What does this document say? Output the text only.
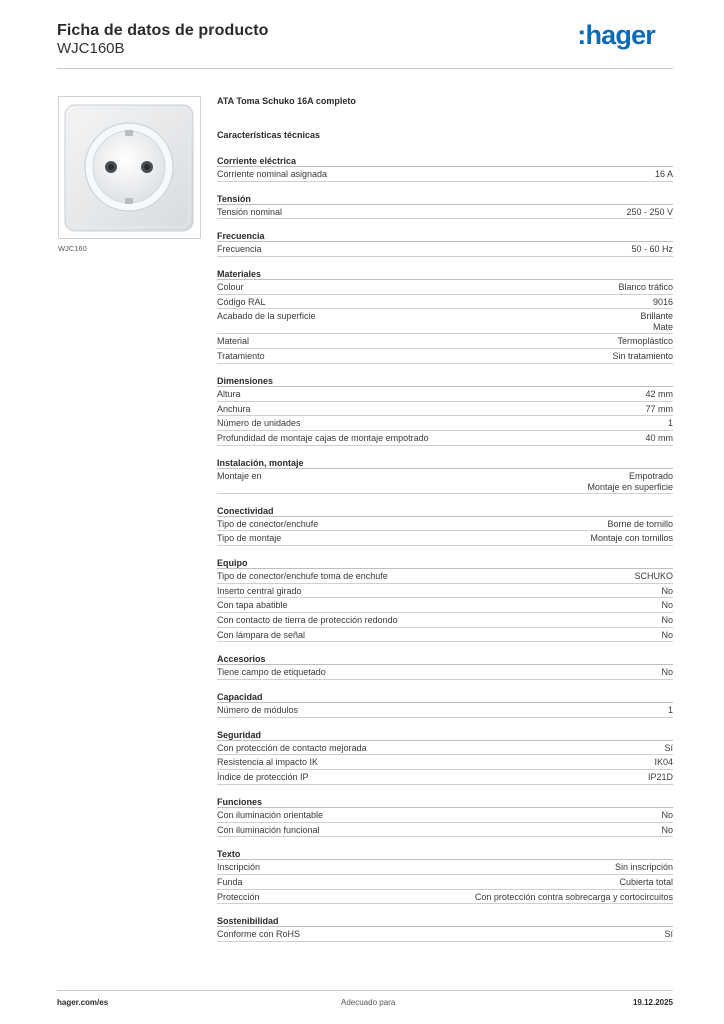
Ficha de datos de producto
WJC160B	:hager
WJC160
ATA Toma Schuko 16A completo
Características técnicas
Corriente eléctrica
Corriente nominal asignada	16 A
Tensión
Tensión nominal	250 - 250 V
Frecuencia
Frecuencia	50 - 60 Hz
Materiales
Colour	Blanco tráfico
Código RAL	9016
Acabado de la superficie	Brillante
Mate
Material	Termoplástico
Tratamiento	Sin tratamiento
Dimensiones
Altura	42 mm
Anchura	77 mm
Número de unidades	1
Profundidad de montaje cajas de montaje empotrado	40 mm
Instalación, montaje
Montaje en	Empotrado
Montaje en superficie
Conectividad
Tipo de conector/enchufe	Borne de tornillo
Tipo de montaje	Montaje con tornillos
Equipo
Tipo de conector/enchufe toma de enchufe	SCHUKO
Inserto central girado	No
Con tapa abatible	No
Con contacto de tierra de protección redondo	No
Con lámpara de señal	No
Accesorios
Tiene campo de etiquetado	No
Capacidad
Número de módulos	1
Seguridad
Con protección de contacto mejorada	Sí
Resistencia al impacto IK	IK04
Índice de protección IP	IP21D
Funciones
Con iluminación orientable	No
Con iluminación funcional	No
Texto
Inscripción	Sin inscripción
Funda	Cubierta total
Protección	Con protección contra sobrecarga y cortocircuitos
Sostenibilidad
Conforme con RoHS	Sí
hager.com/es	Adecuado para	19.12.2025
